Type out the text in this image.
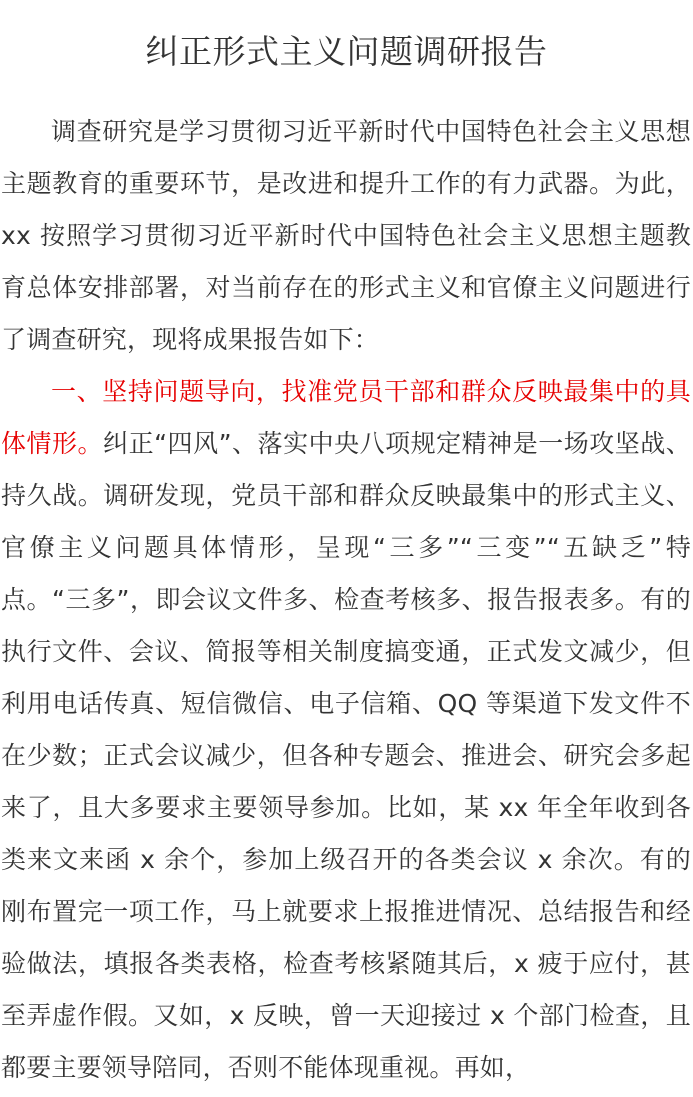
纠正形式主义问题调研报告

调查研究是学习贯彻习近平新时代中国特色社会主义思想主题教育的重要环节，是改进和提升工作的有力武器。为此，xx 按照学习贯彻习近平新时代中国特色社会主义思想主题教育总体安排部署，对当前存在的形式主义和官僚主义问题进行了调查研究，现将成果报告如下：

一、坚持问题导向，找准党员干部和群众反映最集中的具体情形。纠正“四风”、落实中央八项规定精神是一场攻坚战、持久战。调研发现，党员干部和群众反映最集中的形式主义、官僚主义问题具体情形，呈现“三多”“三变”“五缺乏”特点。“三多”，即会议文件多、检查考核多、报告报表多。有的执行文件、会议、简报等相关制度搞变通，正式发文减少，但利用电话传真、短信微信、电子信箱、QQ 等渠道下发文件不在少数；正式会议减少，但各种专题会、推进会、研究会多起来了，且大多要求主要领导参加。比如，某 xx 年全年收到各类来文来函 x 余个，参加上级召开的各类会议 x 余次。有的刚布置完一项工作，马上就要求上报推进情况、总结报告和经验做法，填报各类表格，检查考核紧随其后，x 疲于应付，甚至弄虚作假。又如，x 反映，曾一天迎接过 x 个部门检查，且都要主要领导陪同，否则不能体现重视。再如，
